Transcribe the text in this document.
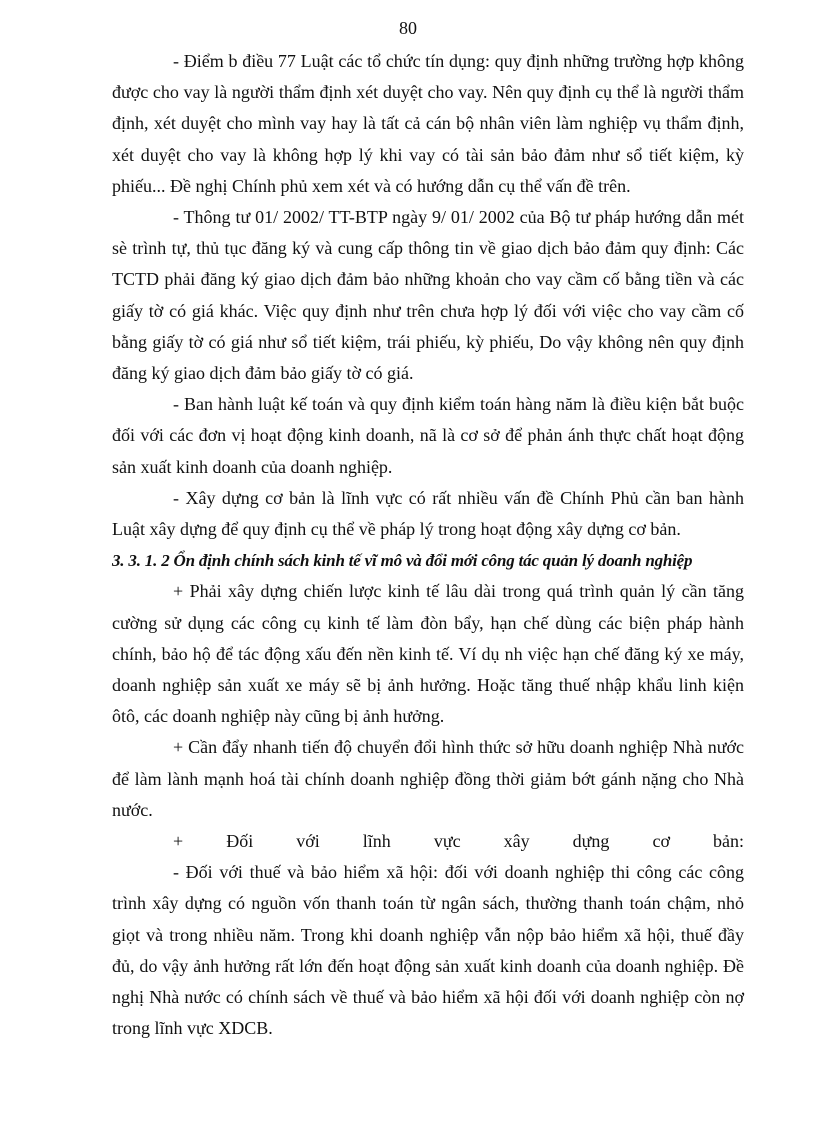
80

- Điểm b điều 77 Luật các tổ chức tín dụng: quy định những trường hợp không được cho vay là người thẩm định xét duyệt cho vay. Nên quy định cụ thể là người thẩm định, xét duyệt cho mình vay hay là tất cả cán bộ nhân viên làm nghiệp vụ thẩm định, xét duyệt cho vay là không hợp lý khi vay có tài sản bảo đảm như sổ tiết kiệm, kỳ phiếu... Đề nghị Chính phủ xem xét và có hướng dẫn cụ thể vấn đề trên.

- Thông tư 01/ 2002/ TT-BTP ngày 9/ 01/ 2002 của Bộ tư pháp hướng dẫn mét sè trình tự, thủ tục đăng ký và cung cấp thông tin về giao dịch bảo đảm quy định: Các TCTD phải đăng ký giao dịch đảm bảo những khoản cho vay cầm cố bằng tiền và các giấy tờ có giá khác. Việc quy định như trên chưa hợp lý đối với việc cho vay cầm cố bằng giấy tờ có giá như sổ tiết kiệm, trái phiếu, kỳ phiếu, Do vậy không nên quy định đăng ký giao dịch đảm bảo giấy tờ có giá.

- Ban hành luật kế toán và quy định kiểm toán hàng năm là điều kiện bắt buộc đối với các đơn vị hoạt động kinh doanh, nã là cơ sở để phản ánh thực chất hoạt động sản xuất kinh doanh của doanh nghiệp.

- Xây dựng cơ bản là lĩnh vực có rất nhiều vấn đề Chính Phủ cần ban hành Luật xây dựng để quy định cụ thể về pháp lý trong hoạt động xây dựng cơ bản.

3. 3. 1. 2 Ổn định chính sách kinh tế vĩ mô và đổi mới công tác quản lý doanh nghiệp

+ Phải xây dựng chiến lược kinh tế lâu dài trong quá trình quản lý cần tăng cường sử dụng các công cụ kinh tế làm đòn bẩy, hạn chế dùng các biện pháp hành chính, bảo hộ để tác động xấu đến nền kinh tế. Ví dụ nh việc hạn chế đăng ký xe máy, doanh nghiệp sản xuất xe máy sẽ bị ảnh hưởng. Hoặc tăng thuế nhập khẩu linh kiện ôtô, các doanh nghiệp này cũng bị ảnh hưởng.

+ Cần đẩy nhanh tiến độ chuyển đổi hình thức sở hữu doanh nghiệp Nhà nước để làm lành mạnh hoá tài chính doanh nghiệp đồng thời giảm bớt gánh nặng cho Nhà nước.

+ Đối với lĩnh vực xây dựng cơ bản:

- Đối với thuế và bảo hiểm xã hội: đối với doanh nghiệp thi công các công trình xây dựng có nguồn vốn thanh toán từ ngân sách, thường thanh toán chậm, nhỏ giọt và trong nhiều năm. Trong khi doanh nghiệp vẫn nộp bảo hiểm xã hội, thuế đầy đủ, do vậy ảnh hưởng rất lớn đến hoạt động sản xuất kinh doanh của doanh nghiệp. Đề nghị Nhà nước có chính sách về thuế và bảo hiểm xã hội đối với doanh nghiệp còn nợ trong lĩnh vực XDCB.
